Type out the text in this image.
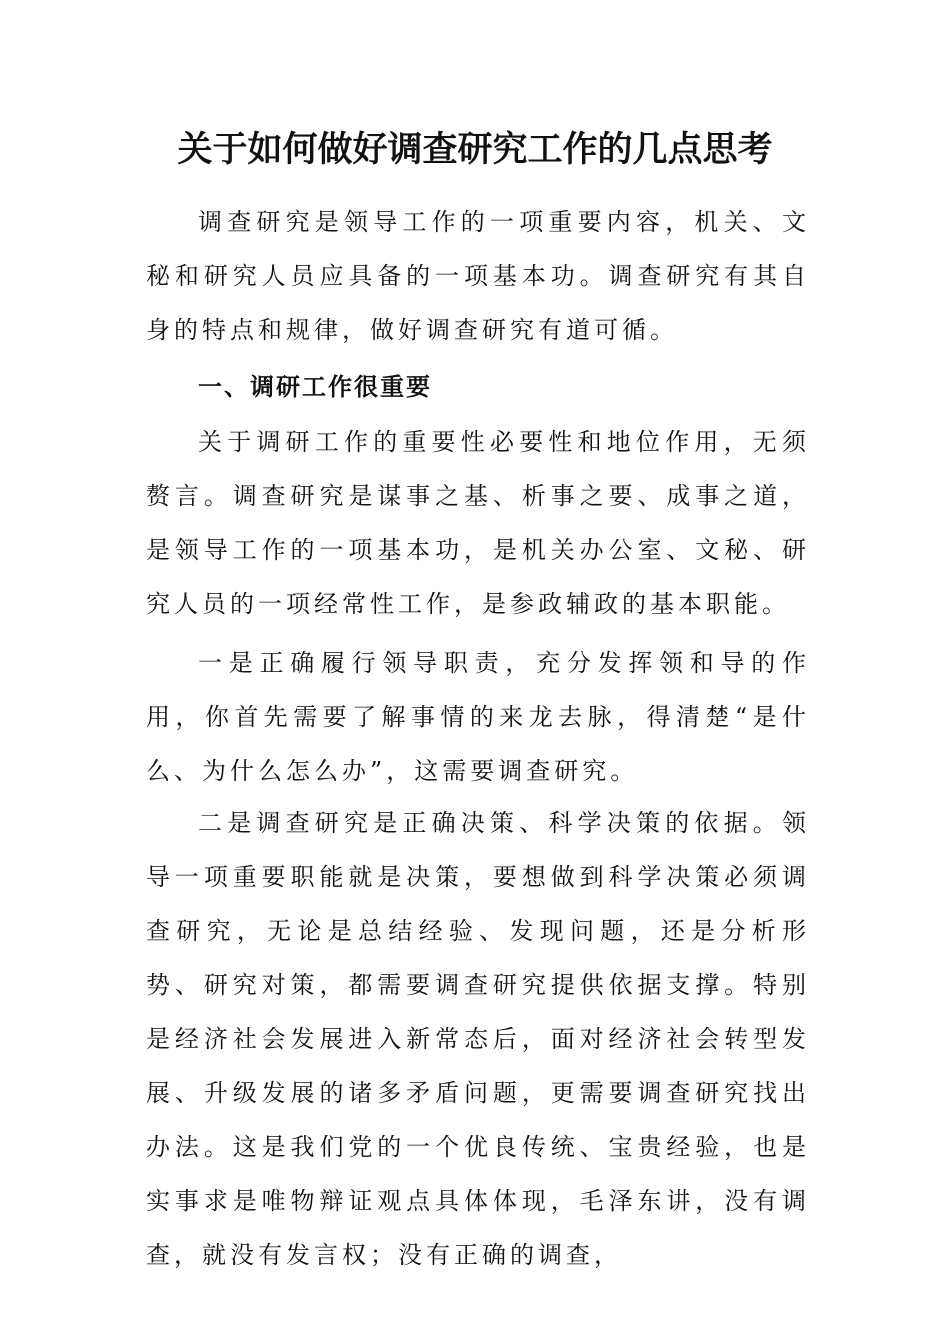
关于如何做好调查研究工作的几点思考

调查研究是领导工作的一项重要内容，机关、文秘和研究人员应具备的一项基本功。调查研究有其自身的特点和规律，做好调查研究有道可循。

一、调研工作很重要

关于调研工作的重要性必要性和地位作用，无须赘言。调查研究是谋事之基、析事之要、成事之道，是领导工作的一项基本功，是机关办公室、文秘、研究人员的一项经常性工作，是参政辅政的基本职能。

一是正确履行领导职责，充分发挥领和导的作用，你首先需要了解事情的来龙去脉，得清楚“是什么、为什么怎么办”，这需要调查研究。

二是调查研究是正确决策、科学决策的依据。领导一项重要职能就是决策，要想做到科学决策必须调查研究，无论是总结经验、发现问题，还是分析形势、研究对策，都需要调查研究提供依据支撑。特别是经济社会发展进入新常态后，面对经济社会转型发展、升级发展的诸多矛盾问题，更需要调查研究找出办法。这是我们党的一个优良传统、宝贵经验，也是实事求是唯物辩证观点具体体现，毛泽东讲，没有调查，就没有发言权；没有正确的调查，
